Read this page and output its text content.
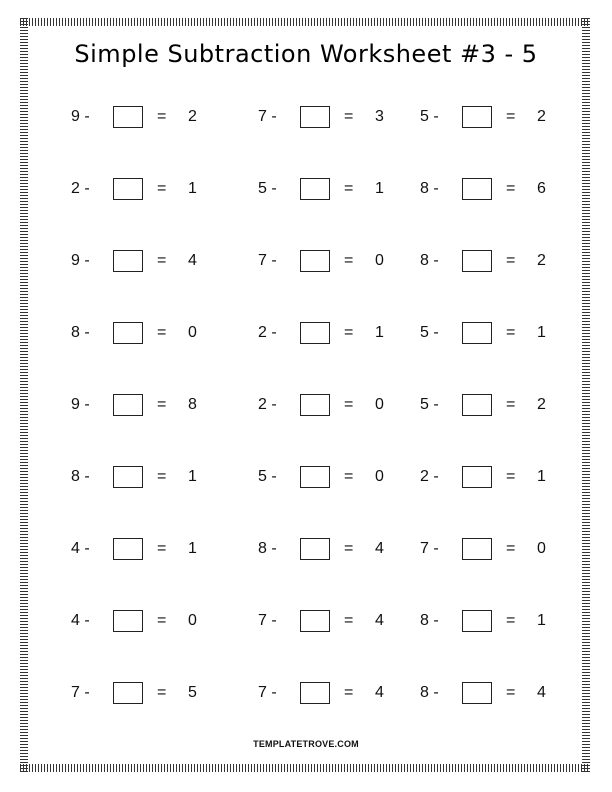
Simple Subtraction Worksheet #3 - 5
9 -	= 2	7 -	= 3 5 -	= 2
2 -	= 1	5 -	= 1 8 -	= 6
9 -	= 4	7 -	= 0 8 -	= 2
8 -	= 0	2 -	= 1 5 -	= 1
9 -	= 8	2 -	= 0 5 -	= 2
8 -	= 1	5 -	= 0 2 -	= 1
4 -	= 1	8 -	= 4 7 -	= 0
4 -	= 0	7 -	= 4 8 -	= 1
7 -	= 5	7 -	= 4 8 -	= 4
TEMPLATETROVE.COM
